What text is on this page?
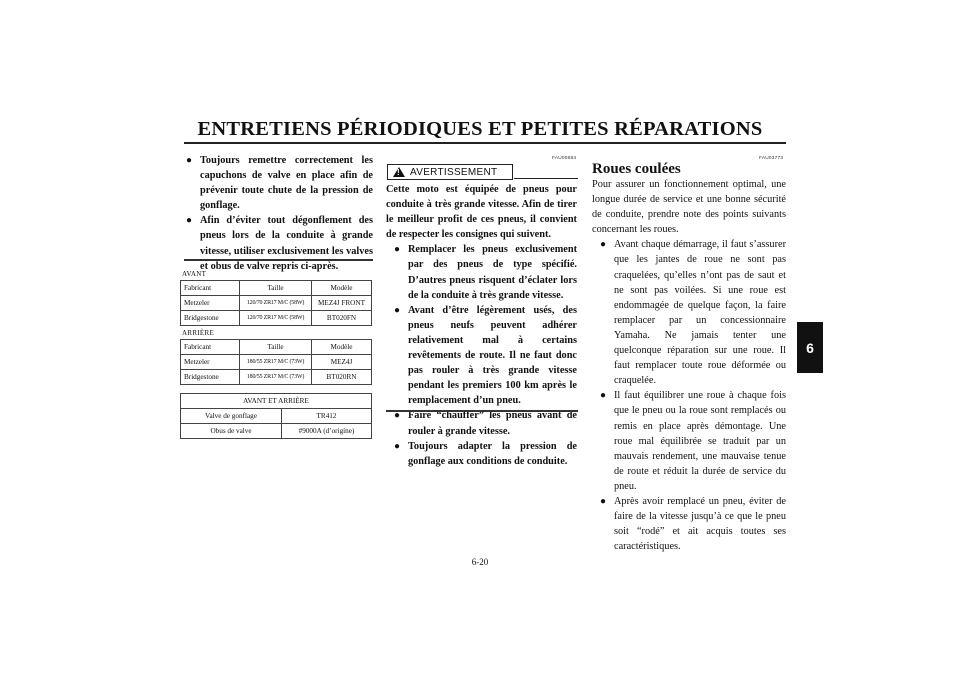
ENTRETIENS PÉRIODIQUES ET PETITES RÉPARATIONS
6
● Toujours remettre correctement les capuchons de valve en place afin de prévenir toute chute de la pression de gonflage.
● Afin d’éviter tout dégonflement des pneus lors de la conduite à grande vitesse, utiliser exclusivement les valves et obus de valve repris ci-après.
AVANT
Fabricant	Taille	Modèle
Metzeler	120/70 ZR17 M/C (58W)	MEZ4J FRONT
Bridgestone	120/70 ZR17 M/C (58W)	BT020FN
ARRIÈRE
Fabricant	Taille	Modèle
Metzeler	180/55 ZR17 M/C (73W)	MEZ4J
Bridgestone	180/55 ZR17 M/C (73W)	BT020RN
AVANT ET ARRIÈRE	
Valve de gonflage	TR412
Obus de valve	#9000A (d’origine)
FAU00684
! AVERTISSEMENT
Cette moto est équipée de pneus pour conduite à très grande vitesse. Afin de tirer le meilleur profit de ces pneus, il convient de respecter les consignes qui suivent.
● Remplacer les pneus exclusivement par des pneus de type spécifié. D’autres pneus risquent d’éclater lors de la conduite à très grande vitesse.
● Avant d’être légèrement usés, des pneus neufs peuvent adhérer relativement mal à certains revêtements de route. Il ne faut donc pas rouler à très grande vitesse pendant les premiers 100 km après le remplacement d’un pneu.
● Faire “chauffer” les pneus avant de rouler à grande vitesse.
● Toujours adapter la pression de gonflage aux conditions de conduite.
FAU03773
Roues coulées
Pour assurer un fonctionnement optimal, une longue durée de service et une bonne sécurité de conduite, prendre note des points suivants concernant les roues.
● Avant chaque démarrage, il faut s’assurer que les jantes de roue ne sont pas craquelées, qu’elles n’ont pas de saut et ne sont pas voilées. Si une roue est endommagée de quelque façon, la faire remplacer par un concessionnaire Yamaha. Ne jamais tenter une quelconque réparation sur une roue. Il faut remplacer toute roue déformée ou craquelée.
● Il faut équilibrer une roue à chaque fois que le pneu ou la roue sont remplacés ou remis en place après démontage. Une roue mal équilibrée se traduit par un mauvais rendement, une mauvaise tenue de route et réduit la durée de service du pneu.
● Après avoir remplacé un pneu, éviter de faire de la vitesse jusqu’à ce que le pneu soit “rodé” et ait acquis toutes ses caractéristiques.
6-20
